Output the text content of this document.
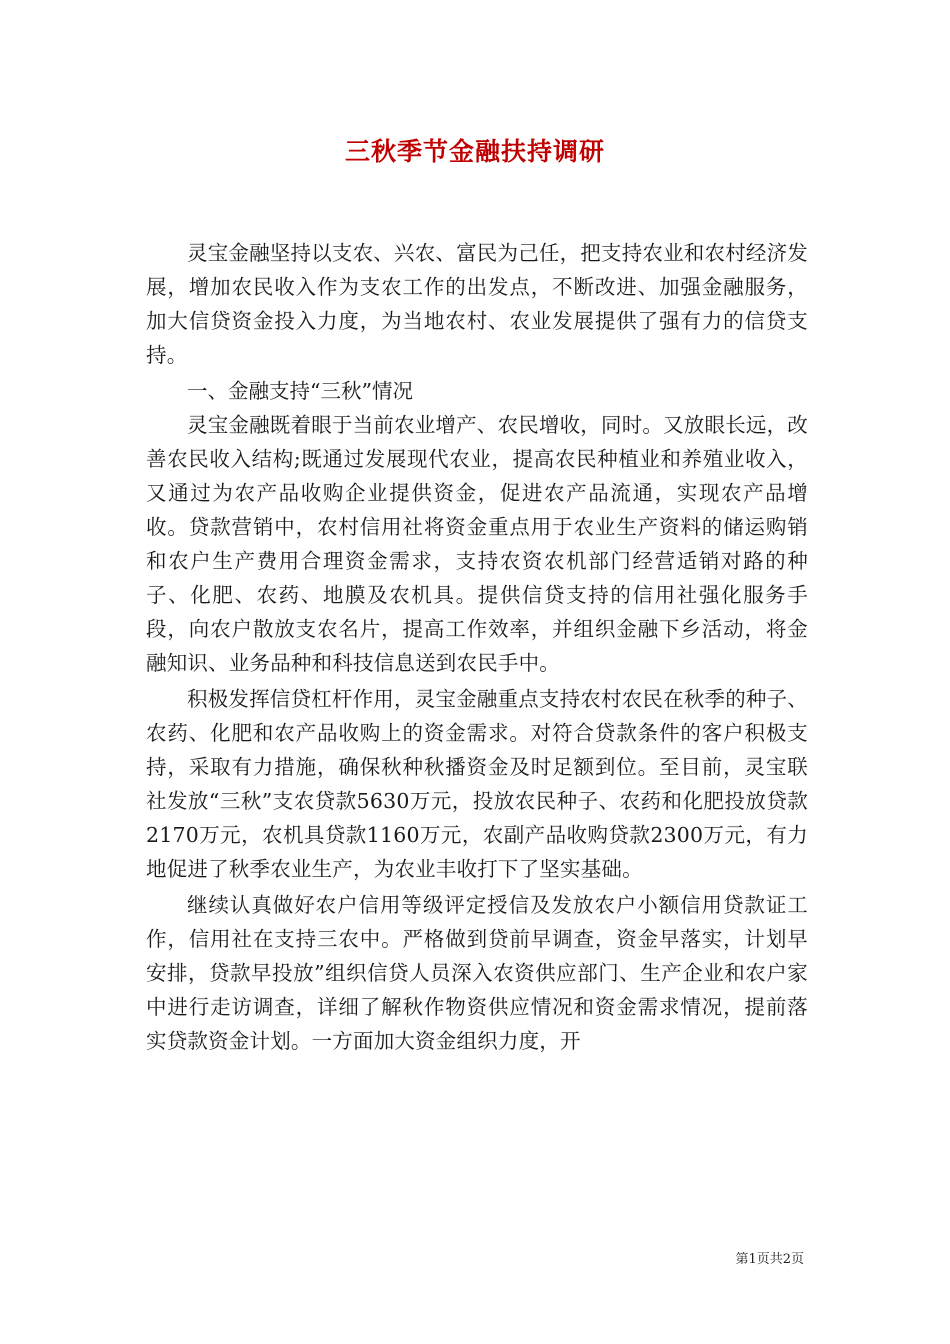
三秋季节金融扶持调研

灵宝金融坚持以支农、兴农、富民为己任，把支持农业和农村经济发展，增加农民收入作为支农工作的出发点，不断改进、加强金融服务，加大信贷资金投入力度，为当地农村、农业发展提供了强有力的信贷支持。

一、金融支持“三秋”情况

灵宝金融既着眼于当前农业增产、农民增收，同时。又放眼长远，改善农民收入结构;既通过发展现代农业，提高农民种植业和养殖业收入，又通过为农产品收购企业提供资金，促进农产品流通，实现农产品增收。贷款营销中，农村信用社将资金重点用于农业生产资料的储运购销和农户生产费用合理资金需求，支持农资农机部门经营适销对路的种子、化肥、农药、地膜及农机具。提供信贷支持的信用社强化服务手段，向农户散放支农名片，提高工作效率，并组织金融下乡活动，将金融知识、业务品种和科技信息送到农民手中。

积极发挥信贷杠杆作用，灵宝金融重点支持农村农民在秋季的种子、农药、化肥和农产品收购上的资金需求。对符合贷款条件的客户积极支持，采取有力措施，确保秋种秋播资金及时足额到位。至目前，灵宝联社发放“三秋”支农贷款5630万元，投放农民种子、农药和化肥投放贷款2170万元，农机具贷款1160万元，农副产品收购贷款2300万元，有力地促进了秋季农业生产，为农业丰收打下了坚实基础。

继续认真做好农户信用等级评定授信及发放农户小额信用贷款证工作，信用社在支持三农中。严格做到贷前早调查，资金早落实，计划早安排，贷款早投放”组织信贷人员深入农资供应部门、生产企业和农户家中进行走访调查，详细了解秋作物资供应情况和资金需求情况，提前落实贷款资金计划。一方面加大资金组织力度，开

第1页共2页
